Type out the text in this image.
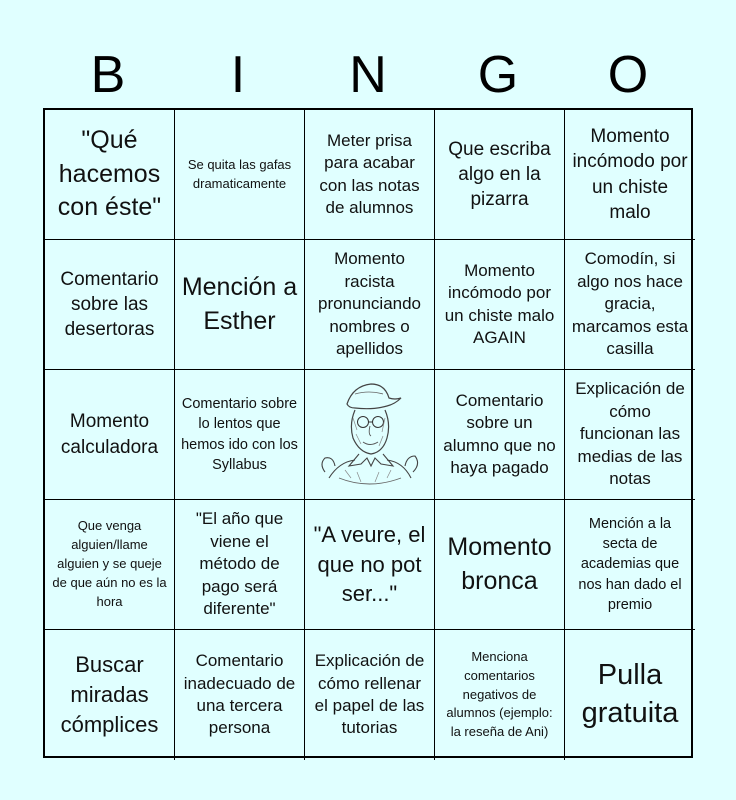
B	I	N	G	O
"Qué hacemos con éste"
Se quita las gafas dramaticamente
Meter prisa para acabar con las notas de alumnos
Que escriba algo en la pizarra
Momento incómodo por un chiste malo
Comentario sobre las desertoras
Mención a Esther
Momento racista pronunciando nombres o apellidos
Momento incómodo por un chiste malo AGAIN
Comodín, si algo nos hace gracia, marcamos esta casilla
Momento calculadora
Comentario sobre lo lentos que hemos ido con los Syllabus
Comentario sobre un alumno que no haya pagado
Explicación de cómo funcionan las medias de las notas
Que venga alguien/llame alguien y se queje de que aún no es la hora
"El año que viene el método de pago será diferente"
"A veure, el que no pot ser..."
Momento bronca
Mención a la secta de academias que nos han dado el premio
Buscar miradas cómplices
Comentario inadecuado de una tercera persona
Explicación de cómo rellenar el papel de las tutorias
Menciona comentarios negativos de alumnos (ejemplo: la reseña de Ani)
Pulla gratuita
